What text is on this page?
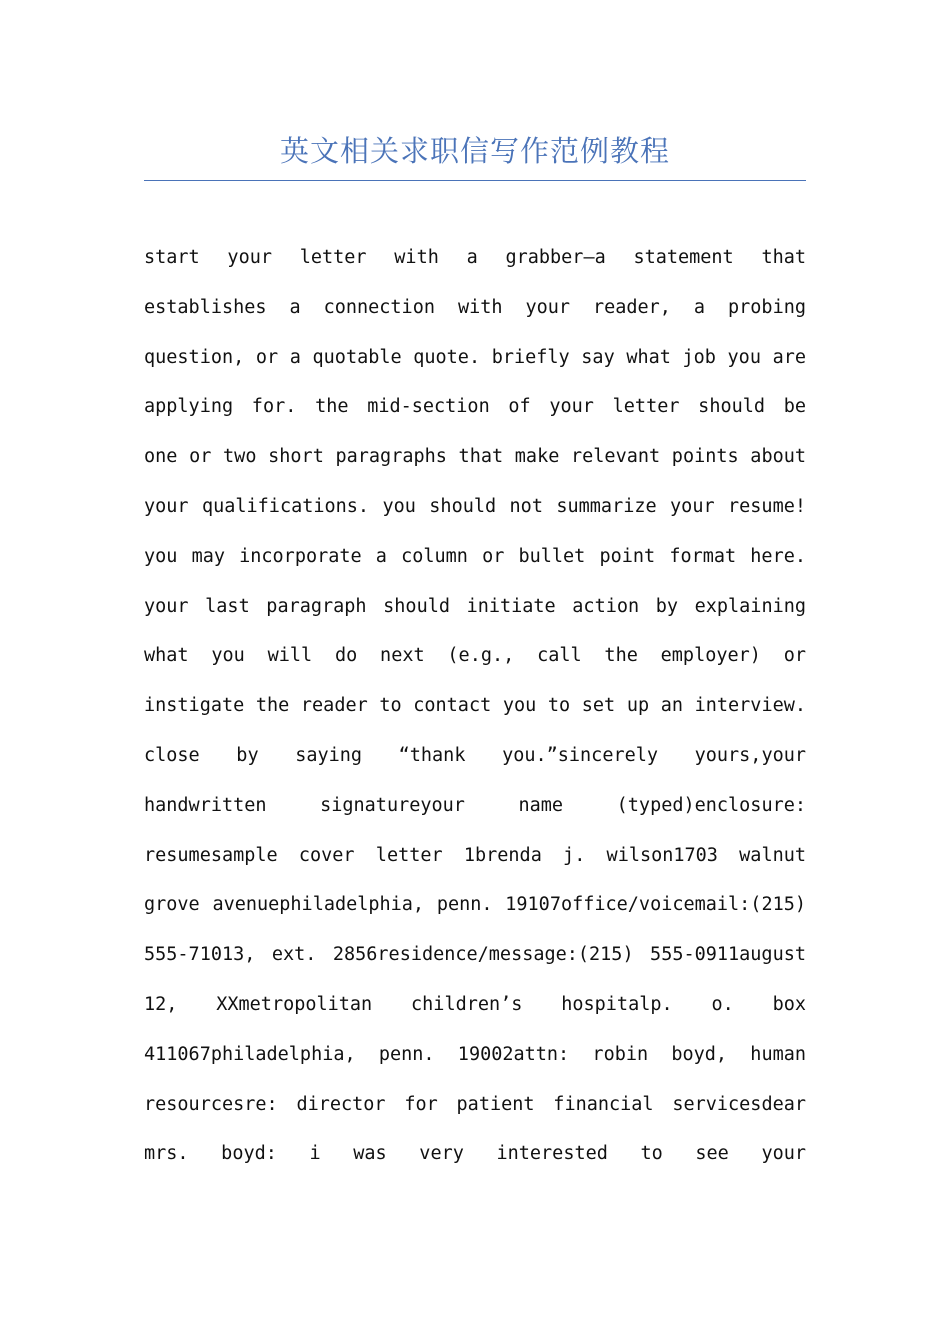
英文相关求职信写作范例教程
start your letter with a grabber—a statement that
establishes a connection with your reader, a probing
question, or a quotable quote. briefly say what job you are
applying for. the mid-section of your letter should be
one or two short paragraphs that make relevant points about
your qualifications. you should not summarize your resume!
you may incorporate a column or bullet point format here.
your last paragraph should initiate action by explaining
what you will do next (e.g., call the employer) or
instigate the reader to contact you to set up an interview.
close by saying “thank you.”sincerely yours,your
handwritten signatureyour name (typed)enclosure:
resumesample cover letter 1brenda j. wilson1703 walnut
grove avenuephiladelphia, penn. 19107office/voicemail:(215)
555-71013, ext. 2856residence/message:(215) 555-0911august
12, XXmetropolitan children’s hospitalp. o. box
411067philadelphia, penn. 19002attn: robin boyd, human
resourcesre: director for patient financial servicesdear
mrs. boyd: i was very interested to see your
